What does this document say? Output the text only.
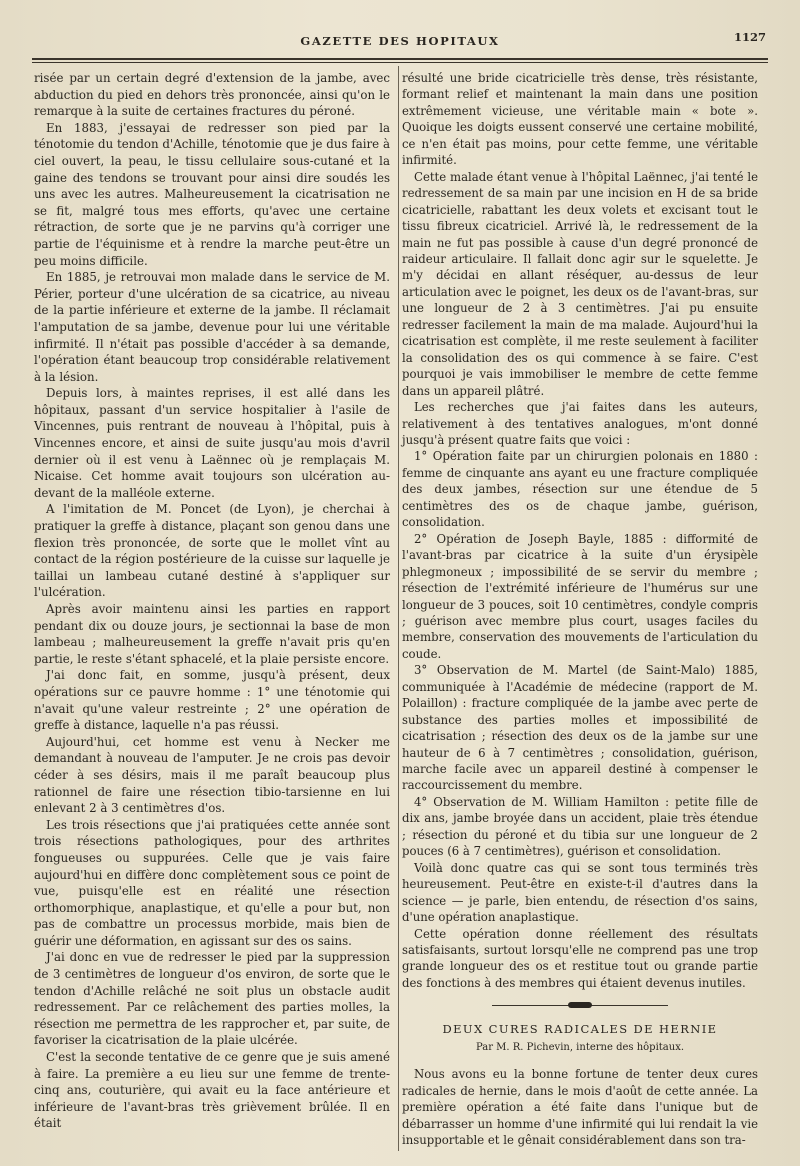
GAZETTE DES HOPITAUX	1127

risée par un certain degré d'extension de la jambe, avec abduction du pied en dehors très prononcée, ainsi qu'on le remarque à la suite de certaines fractures du péroné.

En 1883, j'essayai de redresser son pied par la ténotomie du tendon d'Achille, ténotomie que je dus faire à ciel ouvert, la peau, le tissu cellulaire sous-cutané et la gaine des tendons se trouvant pour ainsi dire soudés les uns avec les autres. Malheureusement la cicatrisation ne se fit, malgré tous mes efforts, qu'avec une certaine rétraction, de sorte que je ne parvins qu'à corriger une partie de l'équinisme et à rendre la marche peut-être un peu moins difficile.

En 1885, je retrouvai mon malade dans le service de M. Périer, porteur d'une ulcération de sa cicatrice, au niveau de la partie inférieure et externe de la jambe. Il réclamait l'amputation de sa jambe, devenue pour lui une véritable infirmité. Il n'était pas possible d'accéder à sa demande, l'opération étant beaucoup trop considérable relativement à la lésion.

Depuis lors, à maintes reprises, il est allé dans les hôpitaux, passant d'un service hospitalier à l'asile de Vincennes, puis rentrant de nouveau à l'hôpital, puis à Vincennes encore, et ainsi de suite jusqu'au mois d'avril dernier où il est venu à Laënnec où je remplaçais M. Nicaise. Cet homme avait toujours son ulcération au-devant de la malléole externe.

A l'imitation de M. Poncet (de Lyon), je cherchai à pratiquer la greffe à distance, plaçant son genou dans une flexion très prononcée, de sorte que le mollet vînt au contact de la région postérieure de la cuisse sur laquelle je taillai un lambeau cutané destiné à s'appliquer sur l'ulcération.

Après avoir maintenu ainsi les parties en rapport pendant dix ou douze jours, je sectionnai la base de mon lambeau ; malheureusement la greffe n'avait pris qu'en partie, le reste s'étant sphacelé, et la plaie persiste encore.

J'ai donc fait, en somme, jusqu'à présent, deux opérations sur ce pauvre homme : 1° une ténotomie qui n'avait qu'une valeur restreinte ; 2° une opération de greffe à distance, laquelle n'a pas réussi.

Aujourd'hui, cet homme est venu à Necker me demandant à nouveau de l'amputer. Je ne crois pas devoir céder à ses désirs, mais il me paraît beaucoup plus rationnel de faire une résection tibio-tarsienne en lui enlevant 2 à 3 centimètres d'os.

Les trois résections que j'ai pratiquées cette année sont trois résections pathologiques, pour des arthrites fongueuses ou suppurées. Celle que je vais faire aujourd'hui en diffère donc complètement sous ce point de vue, puisqu'elle est en réalité une résection orthomorphique, anaplastique, et qu'elle a pour but, non pas de combattre un processus morbide, mais bien de guérir une déformation, en agissant sur des os sains.

J'ai donc en vue de redresser le pied par la suppression de 3 centimètres de longueur d'os environ, de sorte que le tendon d'Achille relâché ne soit plus un obstacle audit redressement. Par ce relâchement des parties molles, la résection me permettra de les rapprocher et, par suite, de favoriser la cicatrisation de la plaie ulcérée.

C'est la seconde tentative de ce genre que je suis amené à faire. La première a eu lieu sur une femme de trente-cinq ans, couturière, qui avait eu la face antérieure et inférieure de l'avant-bras très grièvement brûlée. Il en était

résulté une bride cicatricielle très dense, très résistante, formant relief et maintenant la main dans une position extrêmement vicieuse, une véritable main « bote ». Quoique les doigts eussent conservé une certaine mobilité, ce n'en était pas moins, pour cette femme, une véritable infirmité.

Cette malade étant venue à l'hôpital Laënnec, j'ai tenté le redressement de sa main par une incision en H de sa bride cicatricielle, rabattant les deux volets et excisant tout le tissu fibreux cicatriciel. Arrivé là, le redressement de la main ne fut pas possible à cause d'un degré prononcé de raideur articulaire. Il fallait donc agir sur le squelette. Je m'y décidai en allant réséquer, au-dessus de leur articulation avec le poignet, les deux os de l'avant-bras, sur une longueur de 2 à 3 centimètres. J'ai pu ensuite redresser facilement la main de ma malade. Aujourd'hui la cicatrisation est complète, il me reste seulement à faciliter la consolidation des os qui commence à se faire. C'est pourquoi je vais immobiliser le membre de cette femme dans un appareil plâtré.

Les recherches que j'ai faites dans les auteurs, relativement à des tentatives analogues, m'ont donné jusqu'à présent quatre faits que voici :

1° Opération faite par un chirurgien polonais en 1880 : femme de cinquante ans ayant eu une fracture compliquée des deux jambes, résection sur une étendue de 5 centimètres des os de chaque jambe, guérison, consolidation.

2° Opération de Joseph Bayle, 1885 : difformité de l'avant-bras par cicatrice à la suite d'un érysipèle phlegmoneux ; impossibilité de se servir du membre ; résection de l'extrémité inférieure de l'humérus sur une longueur de 3 pouces, soit 10 centimètres, condyle compris ; guérison avec membre plus court, usages faciles du membre, conservation des mouvements de l'articulation du coude.

3° Observation de M. Martel (de Saint-Malo) 1885, communiquée à l'Académie de médecine (rapport de M. Polaillon) : fracture compliquée de la jambe avec perte de substance des parties molles et impossibilité de cicatrisation ; résection des deux os de la jambe sur une hauteur de 6 à 7 centimètres ; consolidation, guérison, marche facile avec un appareil destiné à compenser le raccourcissement du membre.

4° Observation de M. William Hamilton : petite fille de dix ans, jambe broyée dans un accident, plaie très étendue ; résection du péroné et du tibia sur une longueur de 2 pouces (6 à 7 centimètres), guérison et consolidation.

Voilà donc quatre cas qui se sont tous terminés très heureusement. Peut-être en existe-t-il d'autres dans la science — je parle, bien entendu, de résection d'os sains, d'une opération anaplastique.

Cette opération donne réellement des résultats satisfaisants, surtout lorsqu'elle ne comprend pas une trop grande longueur des os et restitue tout ou grande partie des fonctions à des membres qui étaient devenus inutiles.

DEUX CURES RADICALES DE HERNIE
Par M. R. Pichevin, interne des hôpitaux.

Nous avons eu la bonne fortune de tenter deux cures radicales de hernie, dans le mois d'août de cette année. La première opération a été faite dans l'unique but de débarrasser un homme d'une infirmité qui lui rendait la vie insupportable et le gênait considérablement dans son tra-
